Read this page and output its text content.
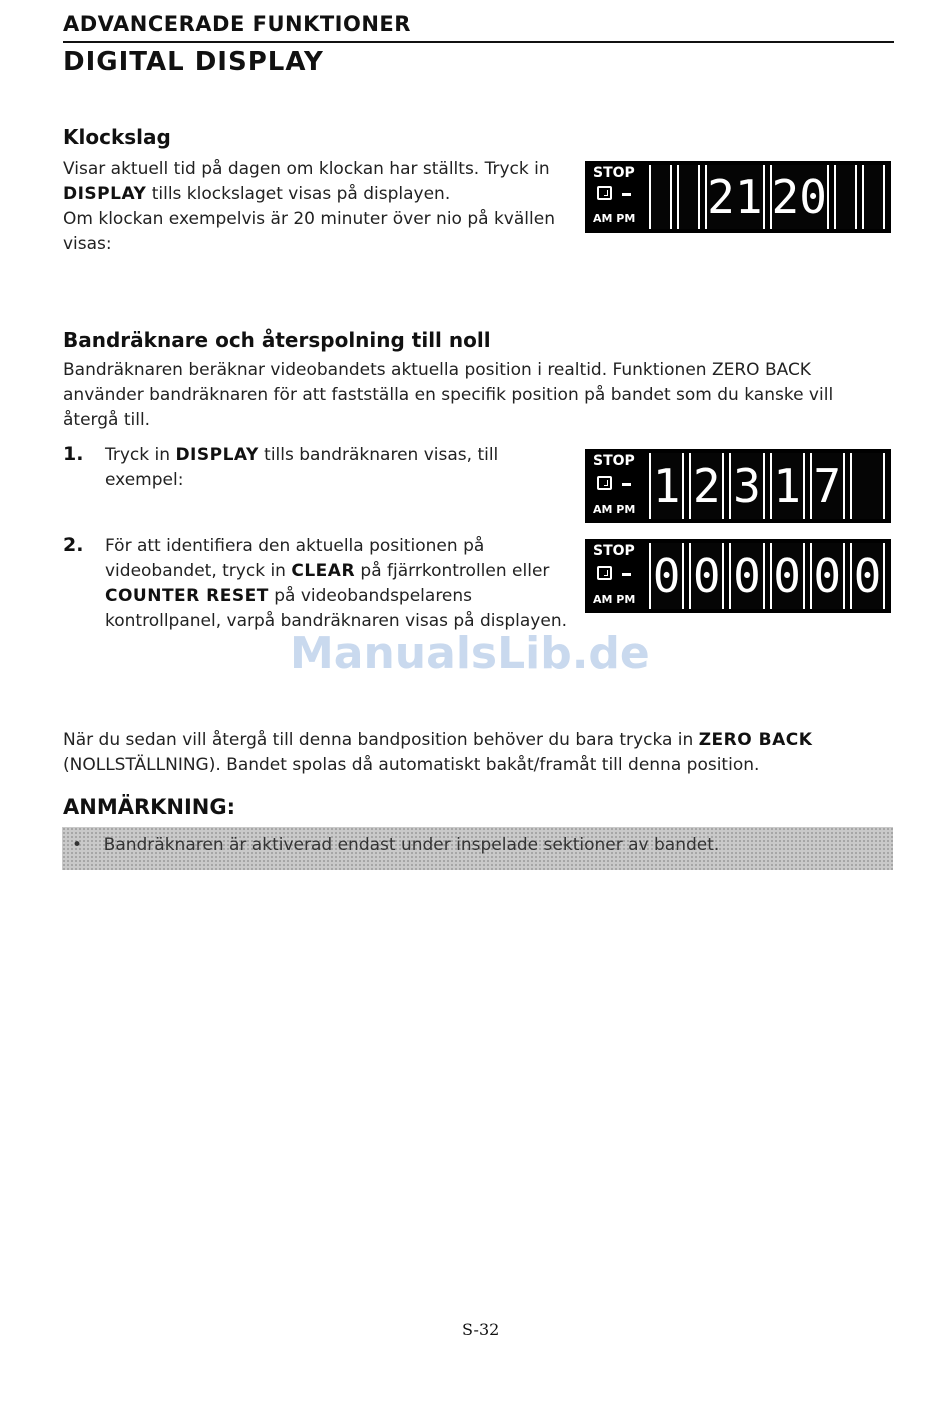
ADVANCERADE FUNKTIONER
DIGITAL DISPLAY
Klockslag
Visar aktuell tid på dagen om klockan har ställts. Tryck in DISPLAY tills klockslaget visas på displayen.
Om klockan exempelvis är 20 minuter över nio på kvällen visas:
STOP
AM PM 21 20
Bandräknare och återspolning till noll
Bandräknaren beräknar videobandets aktuella position i realtid. Funktionen ZERO BACK använder bandräknaren för att fastställa en specifik position på bandet som du kanske vill återgå till.
1. Tryck in DISPLAY tills bandräknaren visas, till exempel:
STOP
AM PM 1 2 3 1 7
2. För att identifiera den aktuella positionen på videobandet, tryck in CLEAR på fjärrkontrollen eller COUNTER RESET på videobandspelarens kontrollpanel, varpå bandräknaren visas på displayen.
STOP
AM PM 0 0 0 0 0 0
ManualsLib.de
När du sedan vill återgå till denna bandposition behöver du bara trycka in ZERO BACK (NOLLSTÄLLNING). Bandet spolas då automatiskt bakåt/framåt till denna position.
ANMÄRKNING:
• Bandräknaren är aktiverad endast under inspelade sektioner av bandet.
S-32
